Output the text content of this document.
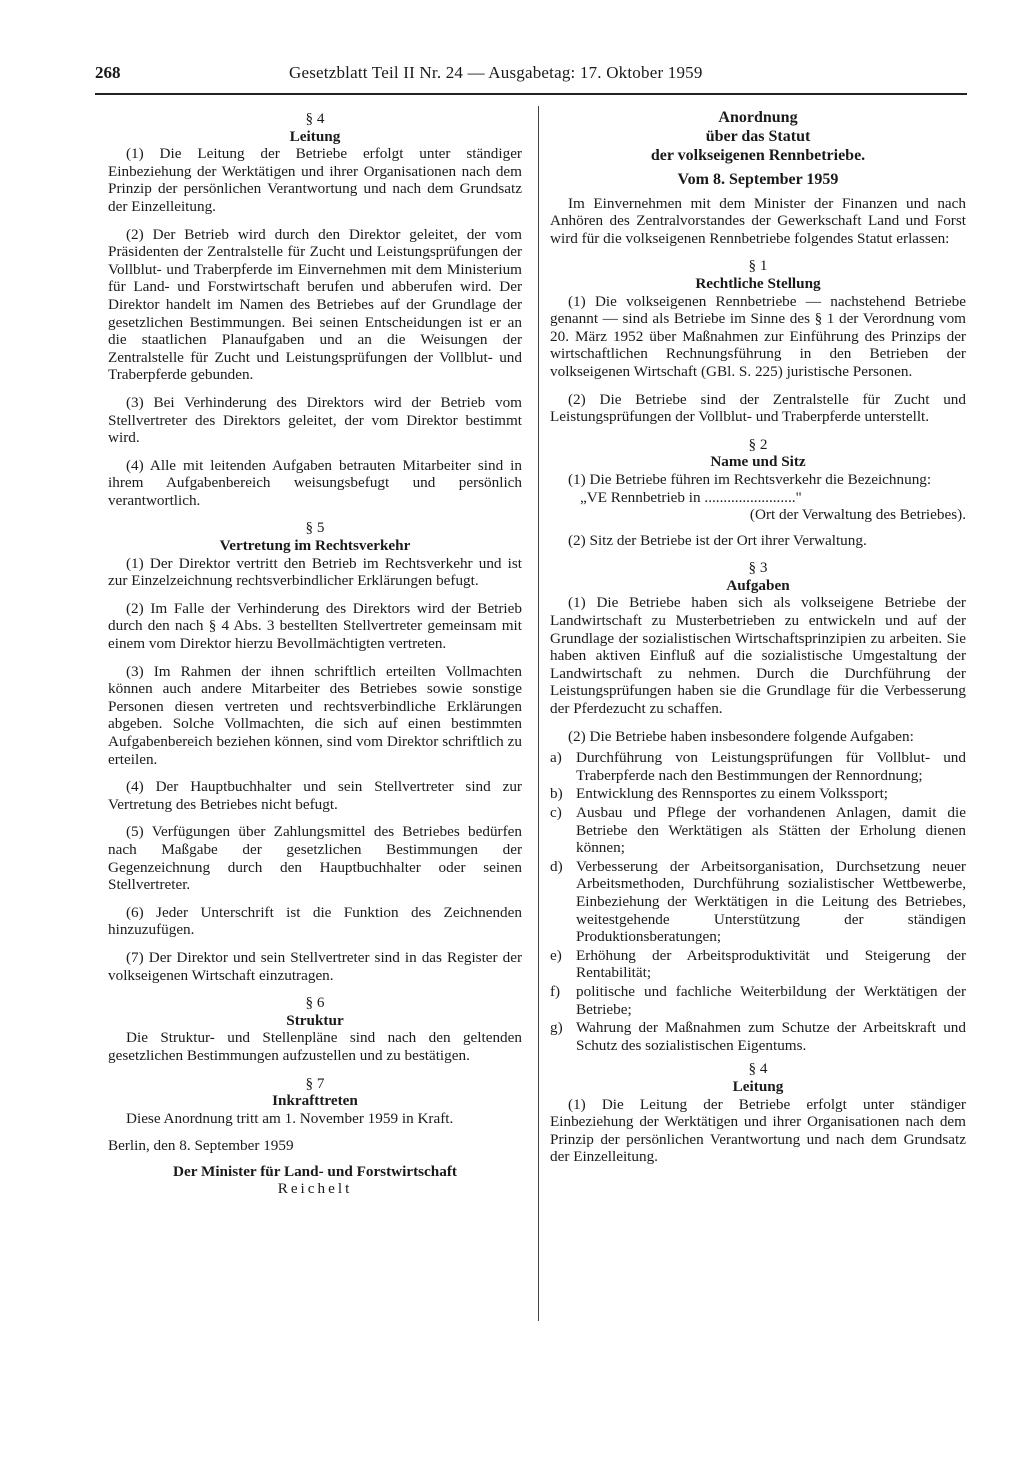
268	Gesetzblatt Teil II Nr. 24 — Ausgabetag: 17. Oktober 1959

§ 4

Leitung

(1) Die Leitung der Betriebe erfolgt unter ständiger Einbeziehung der Werktätigen und ihrer Organisationen nach dem Prinzip der persönlichen Verantwortung und nach dem Grundsatz der Einzelleitung.

(2) Der Betrieb wird durch den Direktor geleitet, der vom Präsidenten der Zentralstelle für Zucht und Leistungsprüfungen der Vollblut- und Traberpferde im Einvernehmen mit dem Ministerium für Land- und Forstwirtschaft berufen und abberufen wird. Der Direktor handelt im Namen des Betriebes auf der Grundlage der gesetzlichen Bestimmungen. Bei seinen Entscheidungen ist er an die staatlichen Planaufgaben und an die Weisungen der Zentralstelle für Zucht und Leistungsprüfungen der Vollblut- und Traberpferde gebunden.

(3) Bei Verhinderung des Direktors wird der Betrieb vom Stellvertreter des Direktors geleitet, der vom Direktor bestimmt wird.

(4) Alle mit leitenden Aufgaben betrauten Mitarbeiter sind in ihrem Aufgabenbereich weisungsbefugt und persönlich verantwortlich.

§ 5

Vertretung im Rechtsverkehr

(1) Der Direktor vertritt den Betrieb im Rechtsverkehr und ist zur Einzelzeichnung rechtsverbindlicher Erklärungen befugt.

(2) Im Falle der Verhinderung des Direktors wird der Betrieb durch den nach § 4 Abs. 3 bestellten Stellvertreter gemeinsam mit einem vom Direktor hierzu Bevollmächtigten vertreten.

(3) Im Rahmen der ihnen schriftlich erteilten Vollmachten können auch andere Mitarbeiter des Betriebes sowie sonstige Personen diesen vertreten und rechtsverbindliche Erklärungen abgeben. Solche Vollmachten, die sich auf einen bestimmten Aufgabenbereich beziehen können, sind vom Direktor schriftlich zu erteilen.

(4) Der Hauptbuchhalter und sein Stellvertreter sind zur Vertretung des Betriebes nicht befugt.

(5) Verfügungen über Zahlungsmittel des Betriebes bedürfen nach Maßgabe der gesetzlichen Bestimmungen der Gegenzeichnung durch den Hauptbuchhalter oder seinen Stellvertreter.

(6) Jeder Unterschrift ist die Funktion des Zeichnenden hinzuzufügen.

(7) Der Direktor und sein Stellvertreter sind in das Register der volkseigenen Wirtschaft einzutragen.

§ 6

Struktur

Die Struktur- und Stellenpläne sind nach den geltenden gesetzlichen Bestimmungen aufzustellen und zu bestätigen.

§ 7

Inkrafttreten

Diese Anordnung tritt am 1. November 1959 in Kraft.

Berlin, den 8. September 1959

Der Minister für Land- und Forstwirtschaft

Reichelt

Anordnung

über das Statut

der volkseigenen Rennbetriebe.

Vom 8. September 1959

Im Einvernehmen mit dem Minister der Finanzen und nach Anhören des Zentralvorstandes der Gewerkschaft Land und Forst wird für die volkseigenen Rennbetriebe folgendes Statut erlassen:

§ 1

Rechtliche Stellung

(1) Die volkseigenen Rennbetriebe — nachstehend Betriebe genannt — sind als Betriebe im Sinne des § 1 der Verordnung vom 20. März 1952 über Maßnahmen zur Einführung des Prinzips der wirtschaftlichen Rechnungsführung in den Betrieben der volkseigenen Wirtschaft (GBl. S. 225) juristische Personen.

(2) Die Betriebe sind der Zentralstelle für Zucht und Leistungsprüfungen der Vollblut- und Traberpferde unterstellt.

§ 2

Name und Sitz

(1) Die Betriebe führen im Rechtsverkehr die Bezeichnung:

„VE Rennbetrieb in ........................"

(Ort der Verwaltung des Betriebes).

(2) Sitz der Betriebe ist der Ort ihrer Verwaltung.

§ 3

Aufgaben

(1) Die Betriebe haben sich als volkseigene Betriebe der Landwirtschaft zu Musterbetrieben zu entwickeln und auf der Grundlage der sozialistischen Wirtschaftsprinzipien zu arbeiten. Sie haben aktiven Einfluß auf die sozialistische Umgestaltung der Landwirtschaft zu nehmen. Durch die Durchführung der Leistungsprüfungen haben sie die Grundlage für die Verbesserung der Pferdezucht zu schaffen.

(2) Die Betriebe haben insbesondere folgende Aufgaben:

a) Durchführung von Leistungsprüfungen für Vollblut- und Traberpferde nach den Bestimmungen der Rennordnung;
b) Entwicklung des Rennsportes zu einem Volkssport;
c) Ausbau und Pflege der vorhandenen Anlagen, damit die Betriebe den Werktätigen als Stätten der Erholung dienen können;
d) Verbesserung der Arbeitsorganisation, Durchsetzung neuer Arbeitsmethoden, Durchführung sozialistischer Wettbewerbe, Einbeziehung der Werktätigen in die Leitung des Betriebes, weitestgehende Unterstützung der ständigen Produktionsberatungen;
e) Erhöhung der Arbeitsproduktivität und Steigerung der Rentabilität;
f) politische und fachliche Weiterbildung der Werktätigen der Betriebe;
g) Wahrung der Maßnahmen zum Schutze der Arbeitskraft und Schutz des sozialistischen Eigentums.

§ 4

Leitung

(1) Die Leitung der Betriebe erfolgt unter ständiger Einbeziehung der Werktätigen und ihrer Organisationen nach dem Prinzip der persönlichen Verantwortung und nach dem Grundsatz der Einzelleitung.
